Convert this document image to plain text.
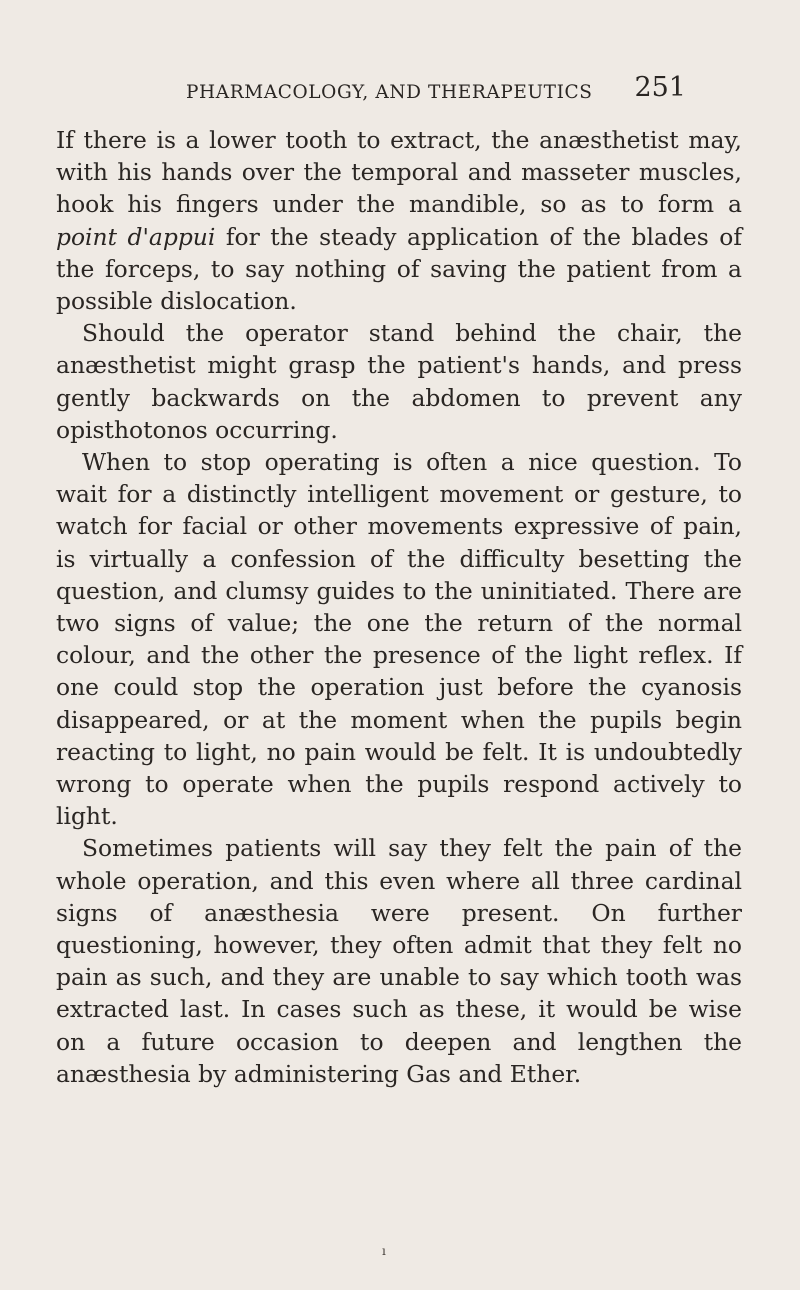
PHARMACOLOGY, AND THERAPEUTICS 251

If there is a lower tooth to extract, the anæsthetist may, with his hands over the temporal and masseter muscles, hook his fingers under the mandible, so as to form a point d'appui for the steady application of the blades of the forceps, to say nothing of saving the patient from a possible dislocation.

Should the operator stand behind the chair, the anæsthetist might grasp the patient's hands, and press gently backwards on the abdomen to prevent any opisthotonos occurring.

When to stop operating is often a nice question. To wait for a distinctly intelligent movement or gesture, to watch for facial or other movements expressive of pain, is virtually a confession of the difficulty besetting the question, and clumsy guides to the uninitiated. There are two signs of value; the one the return of the normal colour, and the other the presence of the light reflex. If one could stop the operation just before the cyanosis disappeared, or at the moment when the pupils begin reacting to light, no pain would be felt. It is undoubtedly wrong to operate when the pupils respond actively to light.

Sometimes patients will say they felt the pain of the whole operation, and this even where all three cardinal signs of anæsthesia were present. On further questioning, however, they often admit that they felt no pain as such, and they are unable to say which tooth was extracted last. In cases such as these, it would be wise on a future occasion to deepen and lengthen the anæsthesia by administering Gas and Ether.

ı
